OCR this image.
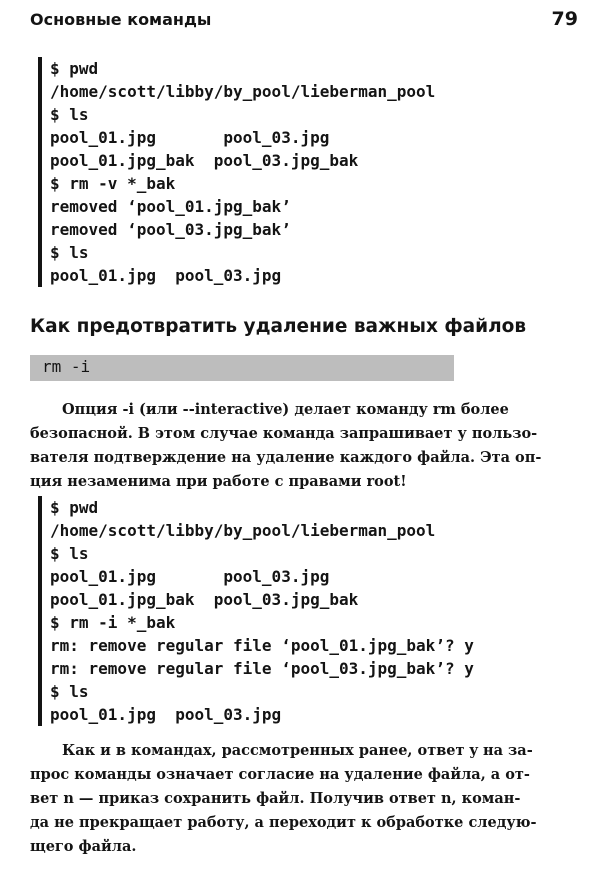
Основные команды	79
$ pwd
/home/scott/libby/by_pool/lieberman_pool
$ ls
pool_01.jpg       pool_03.jpg
pool_01.jpg_bak  pool_03.jpg_bak
$ rm -v *_bak
removed ‘pool_01.jpg_bak’
removed ‘pool_03.jpg_bak’
$ ls
pool_01.jpg  pool_03.jpg
Как предотвратить удаление важных файлов
rm -i
Опция -i (или --interactive) делает команду rm более
безопасной. В этом случае команда запрашивает у пользо-
вателя подтверждение на удаление каждого файла. Эта оп-
ция незаменима при работе с правами root!
$ pwd
/home/scott/libby/by_pool/lieberman_pool
$ ls
pool_01.jpg       pool_03.jpg
pool_01.jpg_bak  pool_03.jpg_bak
$ rm -i *_bak
rm: remove regular file ‘pool_01.jpg_bak’? y
rm: remove regular file ‘pool_03.jpg_bak’? y
$ ls
pool_01.jpg  pool_03.jpg
Как и в командах, рассмотренных ранее, ответ y на за-
прос команды означает согласие на удаление файла, а от-
вет n — приказ сохранить файл. Получив ответ n, коман-
да не прекращает работу, а переходит к обработке следую-
щего файла.
